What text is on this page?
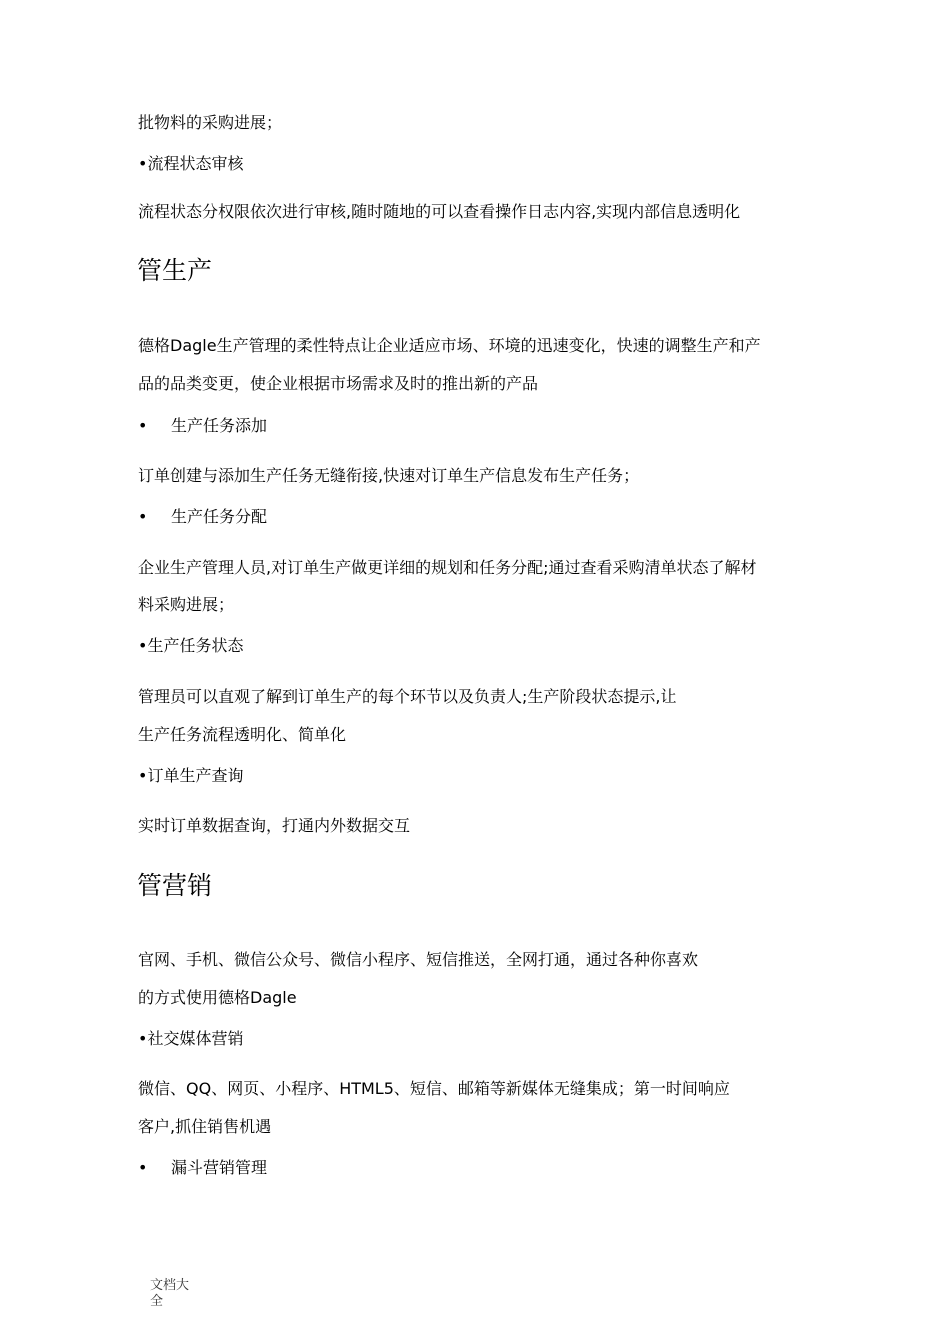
批物料的采购进展；

•流程状态审核

流程状态分权限依次进行审核,随时随地的可以查看操作日志内容,实现内部信息透明化

管生产

德格Dagle生产管理的柔性特点让企业适应市场、环境的迅速变化，快速的调整生产和产

品的品类变更，使企业根据市场需求及时的推出新的产品

• 生产任务添加

订单创建与添加生产任务无缝衔接,快速对订单生产信息发布生产任务；

• 生产任务分配

企业生产管理人员,对订单生产做更详细的规划和任务分配;通过查看采购清单状态了解材

料采购进展；

•生产任务状态

管理员可以直观了解到订单生产的每个环节以及负责人;生产阶段状态提示,让

生产任务流程透明化、简单化

•订单生产查询

实时订单数据查询，打通内外数据交互

管营销

官网、手机、微信公众号、微信小程序、短信推送，全网打通，通过各种你喜欢

的方式使用德格Dagle

•社交媒体营销

微信、QQ、网页、小程序、HTML5、短信、邮箱等新媒体无缝集成；第一时间响应

客户,抓住销售机遇

• 漏斗营销管理
文档大全
